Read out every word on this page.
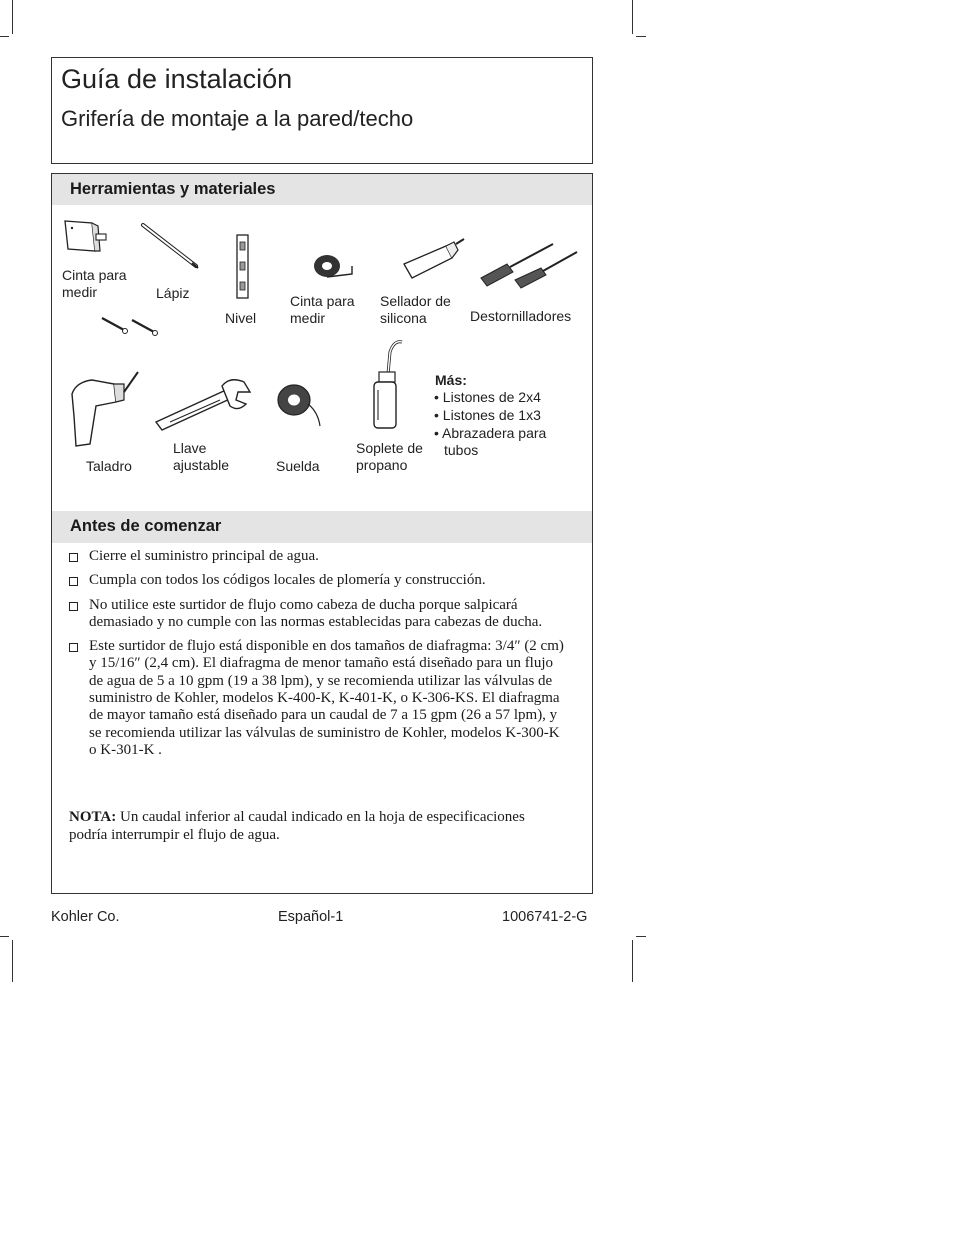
Guía de instalación
Grifería de montaje a la pared/techo
Herramientas y materiales
Cinta para
medir	Lápiz
Nivel
Cinta para
medir
Sellador de
silicona	Destornilladores
Taladro
Llave
ajustable	Suelda
Soplete de
propano
Más:
• Listones de 2x4
• Listones de 1x3
• Abrazadera para
tubos
Antes de comenzar
Cierre el suministro principal de agua.
Cumpla con todos los códigos locales de plomería y construcción.
No utilice este surtidor de flujo como cabeza de ducha porque salpicará demasiado y no cumple con las normas establecidas para cabezas de ducha.
Este surtidor de flujo está disponible en dos tamaños de diafragma: 3/4″ (2 cm) y 15/16″ (2,4 cm). El diafragma de menor tamaño está diseñado para un flujo de agua de 5 a 10 gpm (19 a 38 lpm), y se recomienda utilizar las válvulas de suministro de Kohler, modelos K-400-K, K-401-K, o K-306-KS. El diafragma de mayor tamaño está diseñado para un caudal de 7 a 15 gpm (26 a 57 lpm), y se recomienda utilizar las válvulas de suministro de Kohler, modelos K-300-K o K-301-K .
NOTA: Un caudal inferior al caudal indicado en la hoja de especificaciones podría interrumpir el flujo de agua.
Kohler Co.	Español-1	1006741-2-G
